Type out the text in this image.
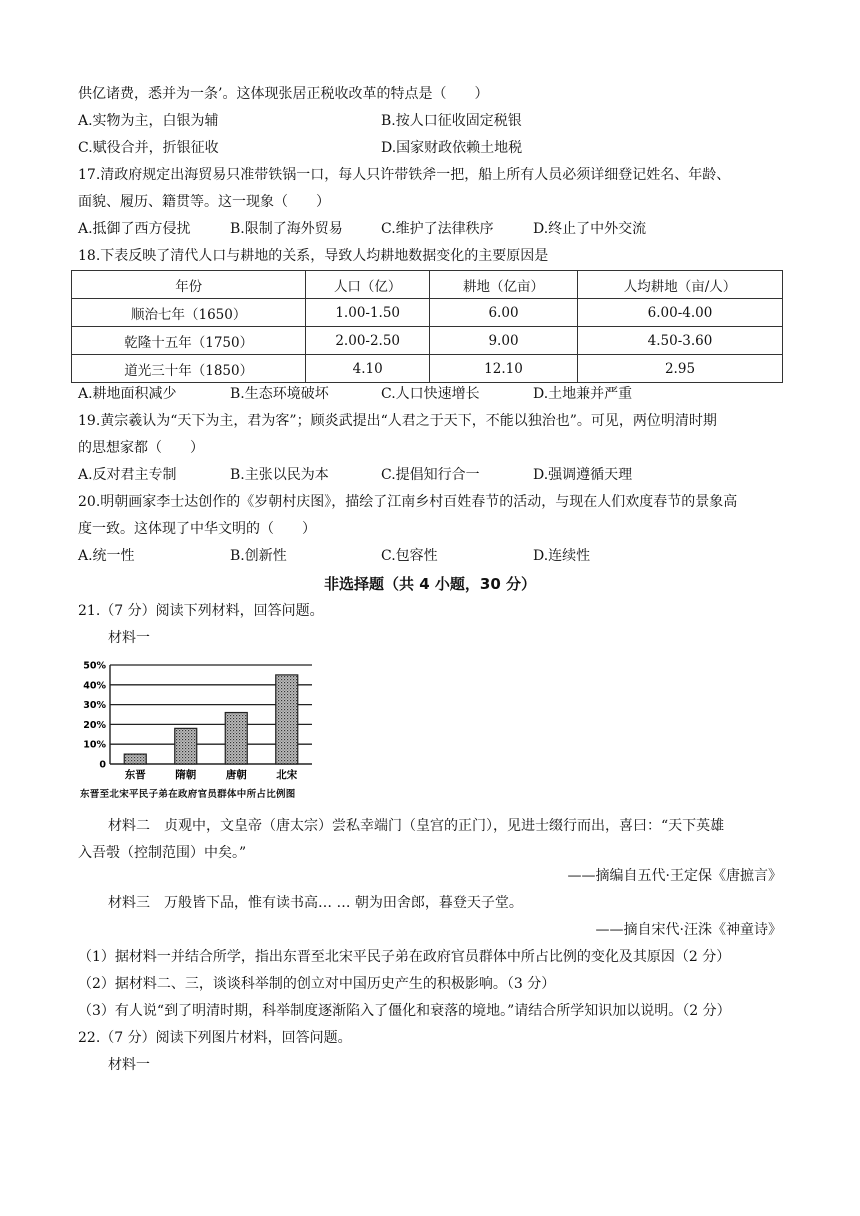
供亿诸费，悉并为一条’。这体现张居正税收改革的特点是（　　）
A.实物为主，白银为辅	B.按人口征收固定税银
C.赋役合并，折银征收	D.国家财政依赖土地税
17.清政府规定出海贸易只准带铁锅一口，每人只许带铁斧一把，船上所有人员必须详细登记姓名、年龄、
面貌、履历、籍贯等。这一现象（　　）
A.抵御了西方侵扰	B.限制了海外贸易	C.维护了法律秩序	D.终止了中外交流
18.下表反映了清代人口与耕地的关系，导致人均耕地数据变化的主要原因是
年份	人口（亿）	耕地（亿亩）	人均耕地（亩/人）
顺治七年（1650）	1.00-1.50	6.00	6.00-4.00
乾隆十五年（1750）	2.00-2.50	9.00	4.50-3.60
道光三十年（1850）	4.10	12.10	2.95
A.耕地面积减少	B.生态环境破坏	C.人口快速增长	D.土地兼并严重
19.黄宗羲认为“天下为主，君为客”；顾炎武提出“人君之于天下，不能以独治也”。可见，两位明清时期
的思想家都（　　）
A.反对君主专制	B.主张以民为本	C.提倡知行合一	D.强调遵循天理
20.明朝画家李士达创作的《岁朝村庆图》，描绘了江南乡村百姓春节的活动，与现在人们欢度春节的景象高
度一致。这体现了中华文明的（　　）
A.统一性	B.创新性	C.包容性	D.连续性
非选择题（共 4 小题，30 分）
21.（7 分）阅读下列材料，回答问题。
材料一
0
10%
20%
30%
40%
50%
东晋	隋朝	唐朝	北宋
东晋至北宋平民子弟在政府官员群体中所占比例图
材料二　贞观中，文皇帝（唐太宗）尝私幸端门（皇宫的正门），见进士缀行而出，喜曰：“天下英雄
入吾彀（控制范围）中矣。”
——摘编自五代·王定保《唐摭言》
材料三　万般皆下品，惟有读书高… … 朝为田舍郎，暮登天子堂。
——摘自宋代·汪洙《神童诗》
（1）据材料一并结合所学，指出东晋至北宋平民子弟在政府官员群体中所占比例的变化及其原因（2 分）
（2）据材料二、三，谈谈科举制的创立对中国历史产生的积极影响。（3 分）
（3）有人说“到了明清时期，科举制度逐渐陷入了僵化和衰落的境地。”请结合所学知识加以说明。（2 分）
22.（7 分）阅读下列图片材料，回答问题。
材料一
